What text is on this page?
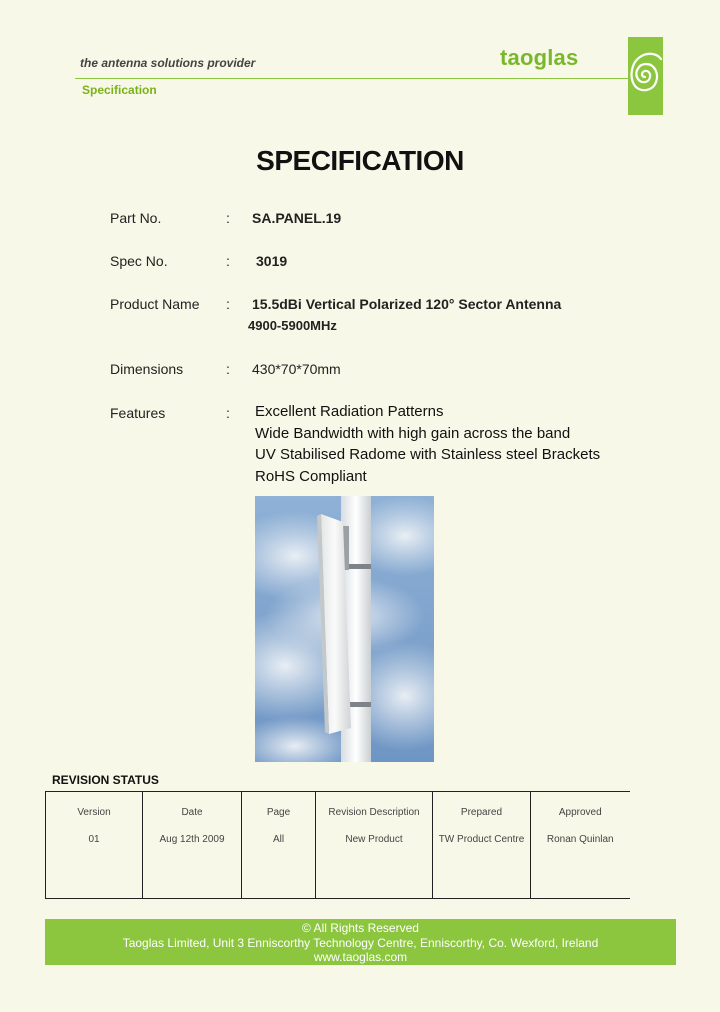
the antenna solutions provider
Specification
taoglas
SPECIFICATION
Part No.	: SA.PANEL.19
Spec No.	: 3019
Product Name : 15.5dBi Vertical Polarized 120° Sector Antenna
4900-5900MHz
Dimensions	: 430*70*70mm
Features	: Excellent Radiation Patterns
Wide Bandwidth with high gain across the band
UV Stabilised Radome with Stainless steel Brackets
RoHS Compliant
REVISION STATUS
Version	Date	Page	Revision Description	Prepared	Approved
01	Aug 12th 2009	All	New Product	TW Product Centre	Ronan Quinlan
© All Rights Reserved
Taoglas Limited, Unit 3 Enniscorthy Technology Centre, Enniscorthy, Co. Wexford, Ireland
www.taoglas.com
